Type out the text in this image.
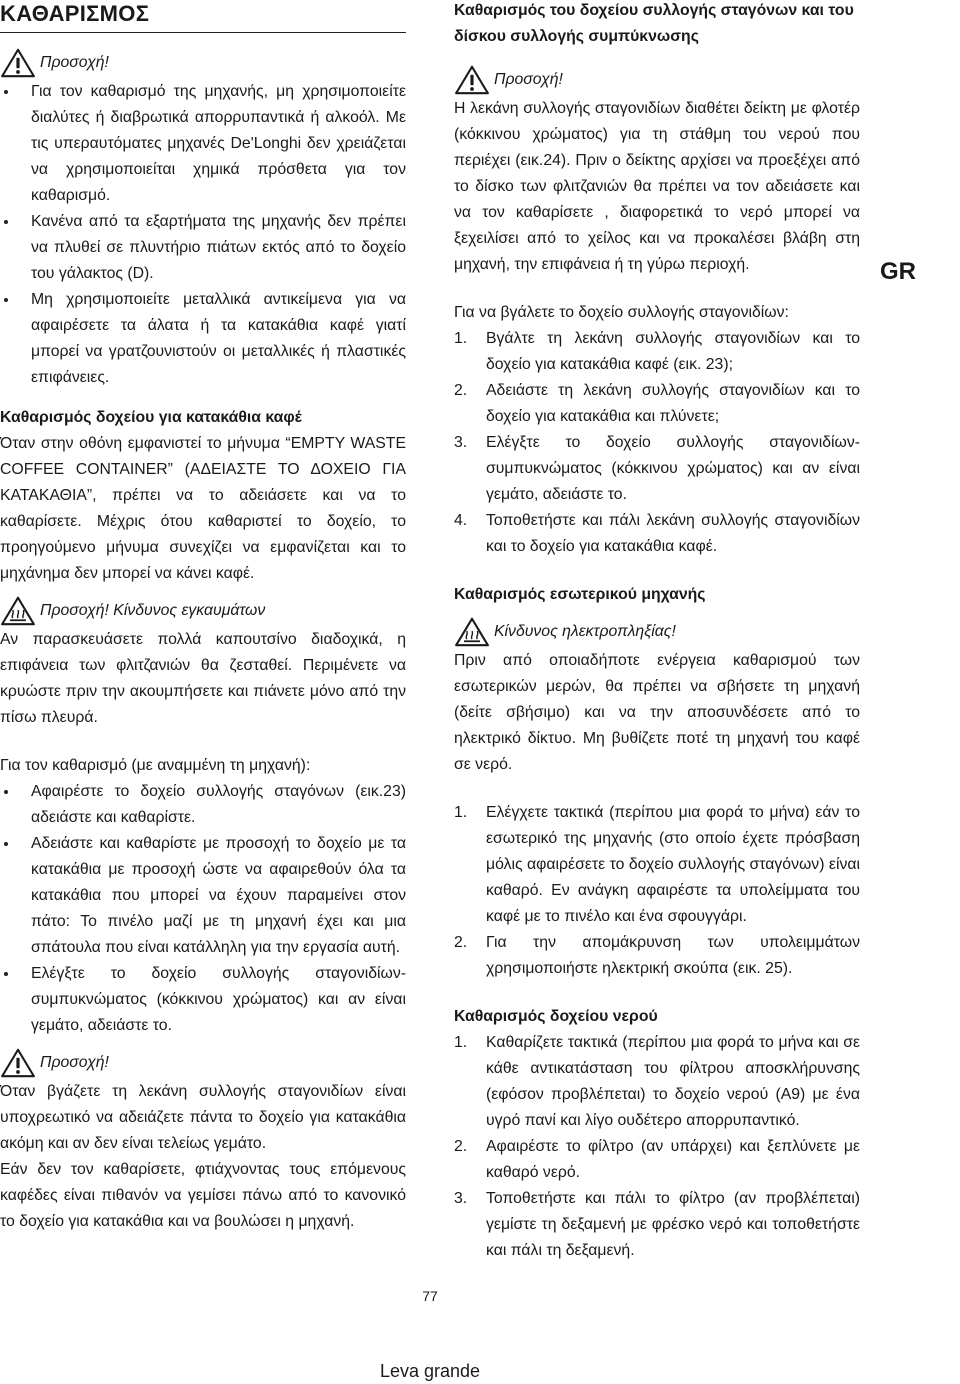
ΚΑΘΑΡΙΣΜΟΣ
Προσοχή!
Για τον καθαρισμό της μηχανής, μη χρησιμοποιείτε διαλύτες ή διαβρωτικά απορρυπαντικά ή αλκοόλ. Με τις υπεραυτόματες μηχανές De'Longhi δεν χρειάζεται να χρησιμοποιείται χημικά πρόσθετα για τον καθαρισμό.
Κανένα από τα εξαρτήματα της μηχανής δεν πρέπει να πλυθεί σε πλυντήριο πιάτων εκτός από το δοχείο του γάλακτος (D).
Μη χρησιμοποιείτε μεταλλικά αντικείμενα για να αφαιρέσετε τα άλατα ή τα κατακάθια καφέ γιατί μπορεί να γρατζουνιστούν οι μεταλλικές ή πλαστικές επιφάνειες.
Καθαρισμός δοχείου για κατακάθια καφέ

Όταν στην οθόνη εμφανιστεί το μήνυμα “EMPTY WASTE COFFEE CONTAINER” (ΑΔΕΙΑΣΤΕ ΤΟ ΔΟΧΕΙΟ ΓΙΑ ΚΑΤΑΚΑΘΙΑ”, πρέπει να το αδειάσετε και να το καθαρίσετε. Μέχρις ότου καθαριστεί το δοχείο, το προηγούμενο μήνυμα συνεχίζει να εμφανίζεται και το μηχάνημα δεν μπορεί να κάνει καφέ.

Προσοχή! Κίνδυνος εγκαυμάτων

Αν παρασκευάσετε πολλά καπουτσίνο διαδοχικά, η επιφάνεια των φλιτζανιών θα ζεσταθεί. Περιμένετε να κρυώστε πριν την ακουμπήσετε και πιάνετε μόνο από την πίσω πλευρά.

Για τον καθαρισμό (με αναμμένη τη μηχανή):

Αφαιρέστε το δοχείο συλλογής σταγόνων (εικ.23) αδειάστε και καθαρίστε.
Αδειάστε και καθαρίστε με προσοχή το δοχείο με τα κατακάθια με προσοχή ώστε να αφαιρεθούν όλα τα κατακάθια που μπορεί να έχουν παραμείνει στον πάτο: Το πινέλο μαζί με τη μηχανή έχει και μια σπάτουλα που είναι κατάλληλη για την εργασία αυτή.
Ελέγξτε το δοχείο συλλογής σταγονιδίων-συμπυκνώματος (κόκκινου χρώματος) και αν είναι γεμάτο, αδειάστε το.
Προσοχή!

Όταν βγάζετε τη λεκάνη συλλογής σταγονιδίων είναι υποχρεωτικό να αδειάζετε πάντα το δοχείο για κατακάθια ακόμη και αν δεν είναι τελείως γεμάτο.

Εάν δεν τον καθαρίσετε, φτιάχνοντας τους επόμενους καφέδες είναι πιθανόν να γεμίσει πάνω από το κανονικό το δοχείο για κατακάθια και να βουλώσει η μηχανή.

Καθαρισμός του δοχείου συλλογής σταγόνων και του δίσκου συλλογής συμπύκνωσης
Προσοχή!

Η λεκάνη συλλογής σταγονιδίων διαθέτει δείκτη με φλοτέρ (κόκκινου χρώματος) για τη στάθμη του νερού που περιέχει (εικ.24). Πριν ο δείκτης αρχίσει να προεξέχει από το δίσκο των φλιτζανιών θα πρέπει να τον αδειάσετε και να τον καθαρίσετε , διαφορετικά το νερό μπορεί να ξεχειλίσει από το χείλος και να προκαλέσει βλάβη στη μηχανή, την επιφάνεια ή τη γύρω περιοχή.

Για να βγάλετε το δοχείο συλλογής σταγονιδίων:

1. Βγάλτε τη λεκάνη συλλογής σταγονιδίων και το δοχείο για κατακάθια καφέ (εικ. 23);
2. Αδειάστε τη λεκάνη συλλογής σταγονιδίων και το δοχείο για κατακάθια και πλύνετε;
3. Ελέγξτε το δοχείο συλλογής σταγονιδίων-συμπυκνώματος (κόκκινου χρώματος) και αν είναι γεμάτο, αδειάστε το.
4. Τοποθετήστε και πάλι λεκάνη συλλογής σταγονιδίων και το δοχείο για κατακάθια καφέ.
Καθαρισμός εσωτερικού μηχανής
Κίνδυνος ηλεκτροπληξίας!

Πριν από οποιαδήποτε ενέργεια καθαρισμού των εσωτερικών μερών, θα πρέπει να σβήσετε τη μηχανή (δείτε σβήσιμο) και να την αποσυνδέσετε από το ηλεκτρικό δίκτυο. Μη βυθίζετε ποτέ τη μηχανή του καφέ σε νερό.

1. Ελέγχετε τακτικά (περίπου μια φορά το μήνα) εάν το εσωτερικό της μηχανής (στο οποίο έχετε πρόσβαση μόλις αφαιρέσετε το δοχείο συλλογής σταγόνων) είναι καθαρό. Εν ανάγκη αφαιρέστε τα υπολείμματα του καφέ με το πινέλο και ένα σφουγγάρι.
2. Για την απομάκρυνση των υπολειμμάτων χρησιμοποιήστε ηλεκτρική σκούπα (εικ. 25).
Καθαρισμός δοχείου νερού
1. Καθαρίζετε τακτικά (περίπου μια φορά το μήνα και σε κάθε αντικατάσταση του φίλτρου αποσκλήρυνσης (εφόσον προβλέπεται) το δοχείο νερού (A9) με ένα υγρό πανί και λίγο ουδέτερο απορρυπαντικό.
2. Αφαιρέστε το φίλτρο (αν υπάρχει) και ξεπλύνετε με καθαρό νερό.
3. Τοποθετήστε και πάλι το φίλτρο (αν προβλέπεται) γεμίστε τη δεξαμενή με φρέσκο νερό και τοποθετήστε και πάλι τη δεξαμενή.
GR
77
Leva grande
